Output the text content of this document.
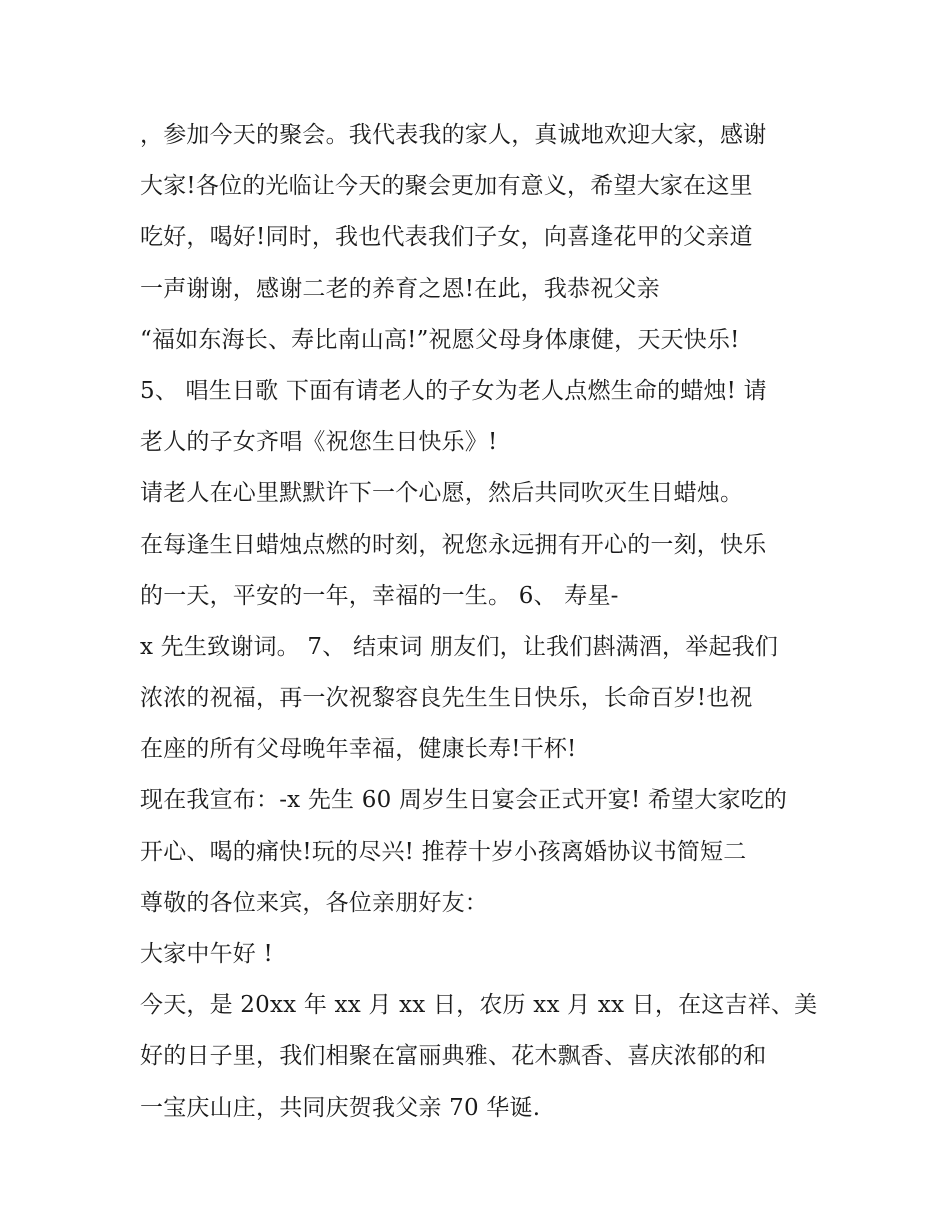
，参加今天的聚会。我代表我的家人，真诚地欢迎大家，感谢
大家!各位的光临让今天的聚会更加有意义，希望大家在这里
吃好，喝好!同时，我也代表我们子女，向喜逢花甲的父亲道
一声谢谢，感谢二老的养育之恩!在此，我恭祝父亲
“福如东海长、寿比南山高!”祝愿父母身体康健，天天快乐!
5、 唱生日歌 下面有请老人的子女为老人点燃生命的蜡烛! 请
老人的子女齐唱《祝您生日快乐》!
请老人在心里默默许下一个心愿，然后共同吹灭生日蜡烛。
在每逢生日蜡烛点燃的时刻，祝您永远拥有开心的一刻，快乐
的一天，平安的一年，幸福的一生。 6、 寿星-
x 先生致谢词。 7、 结束词 朋友们，让我们斟满酒，举起我们
浓浓的祝福，再一次祝黎容良先生生日快乐，长命百岁!也祝
在座的所有父母晚年幸福，健康长寿!干杯!
现在我宣布：-x 先生 60 周岁生日宴会正式开宴! 希望大家吃的
开心、喝的痛快!玩的尽兴! 推荐十岁小孩离婚协议书简短二
尊敬的各位来宾，各位亲朋好友：
大家中午好 !
今天，是 20xx 年 xx 月 xx 日，农历 xx 月 xx 日，在这吉祥、美
好的日子里，我们相聚在富丽典雅、花木飘香、喜庆浓郁的和
一宝庆山庄，共同庆贺我父亲 70 华诞.
